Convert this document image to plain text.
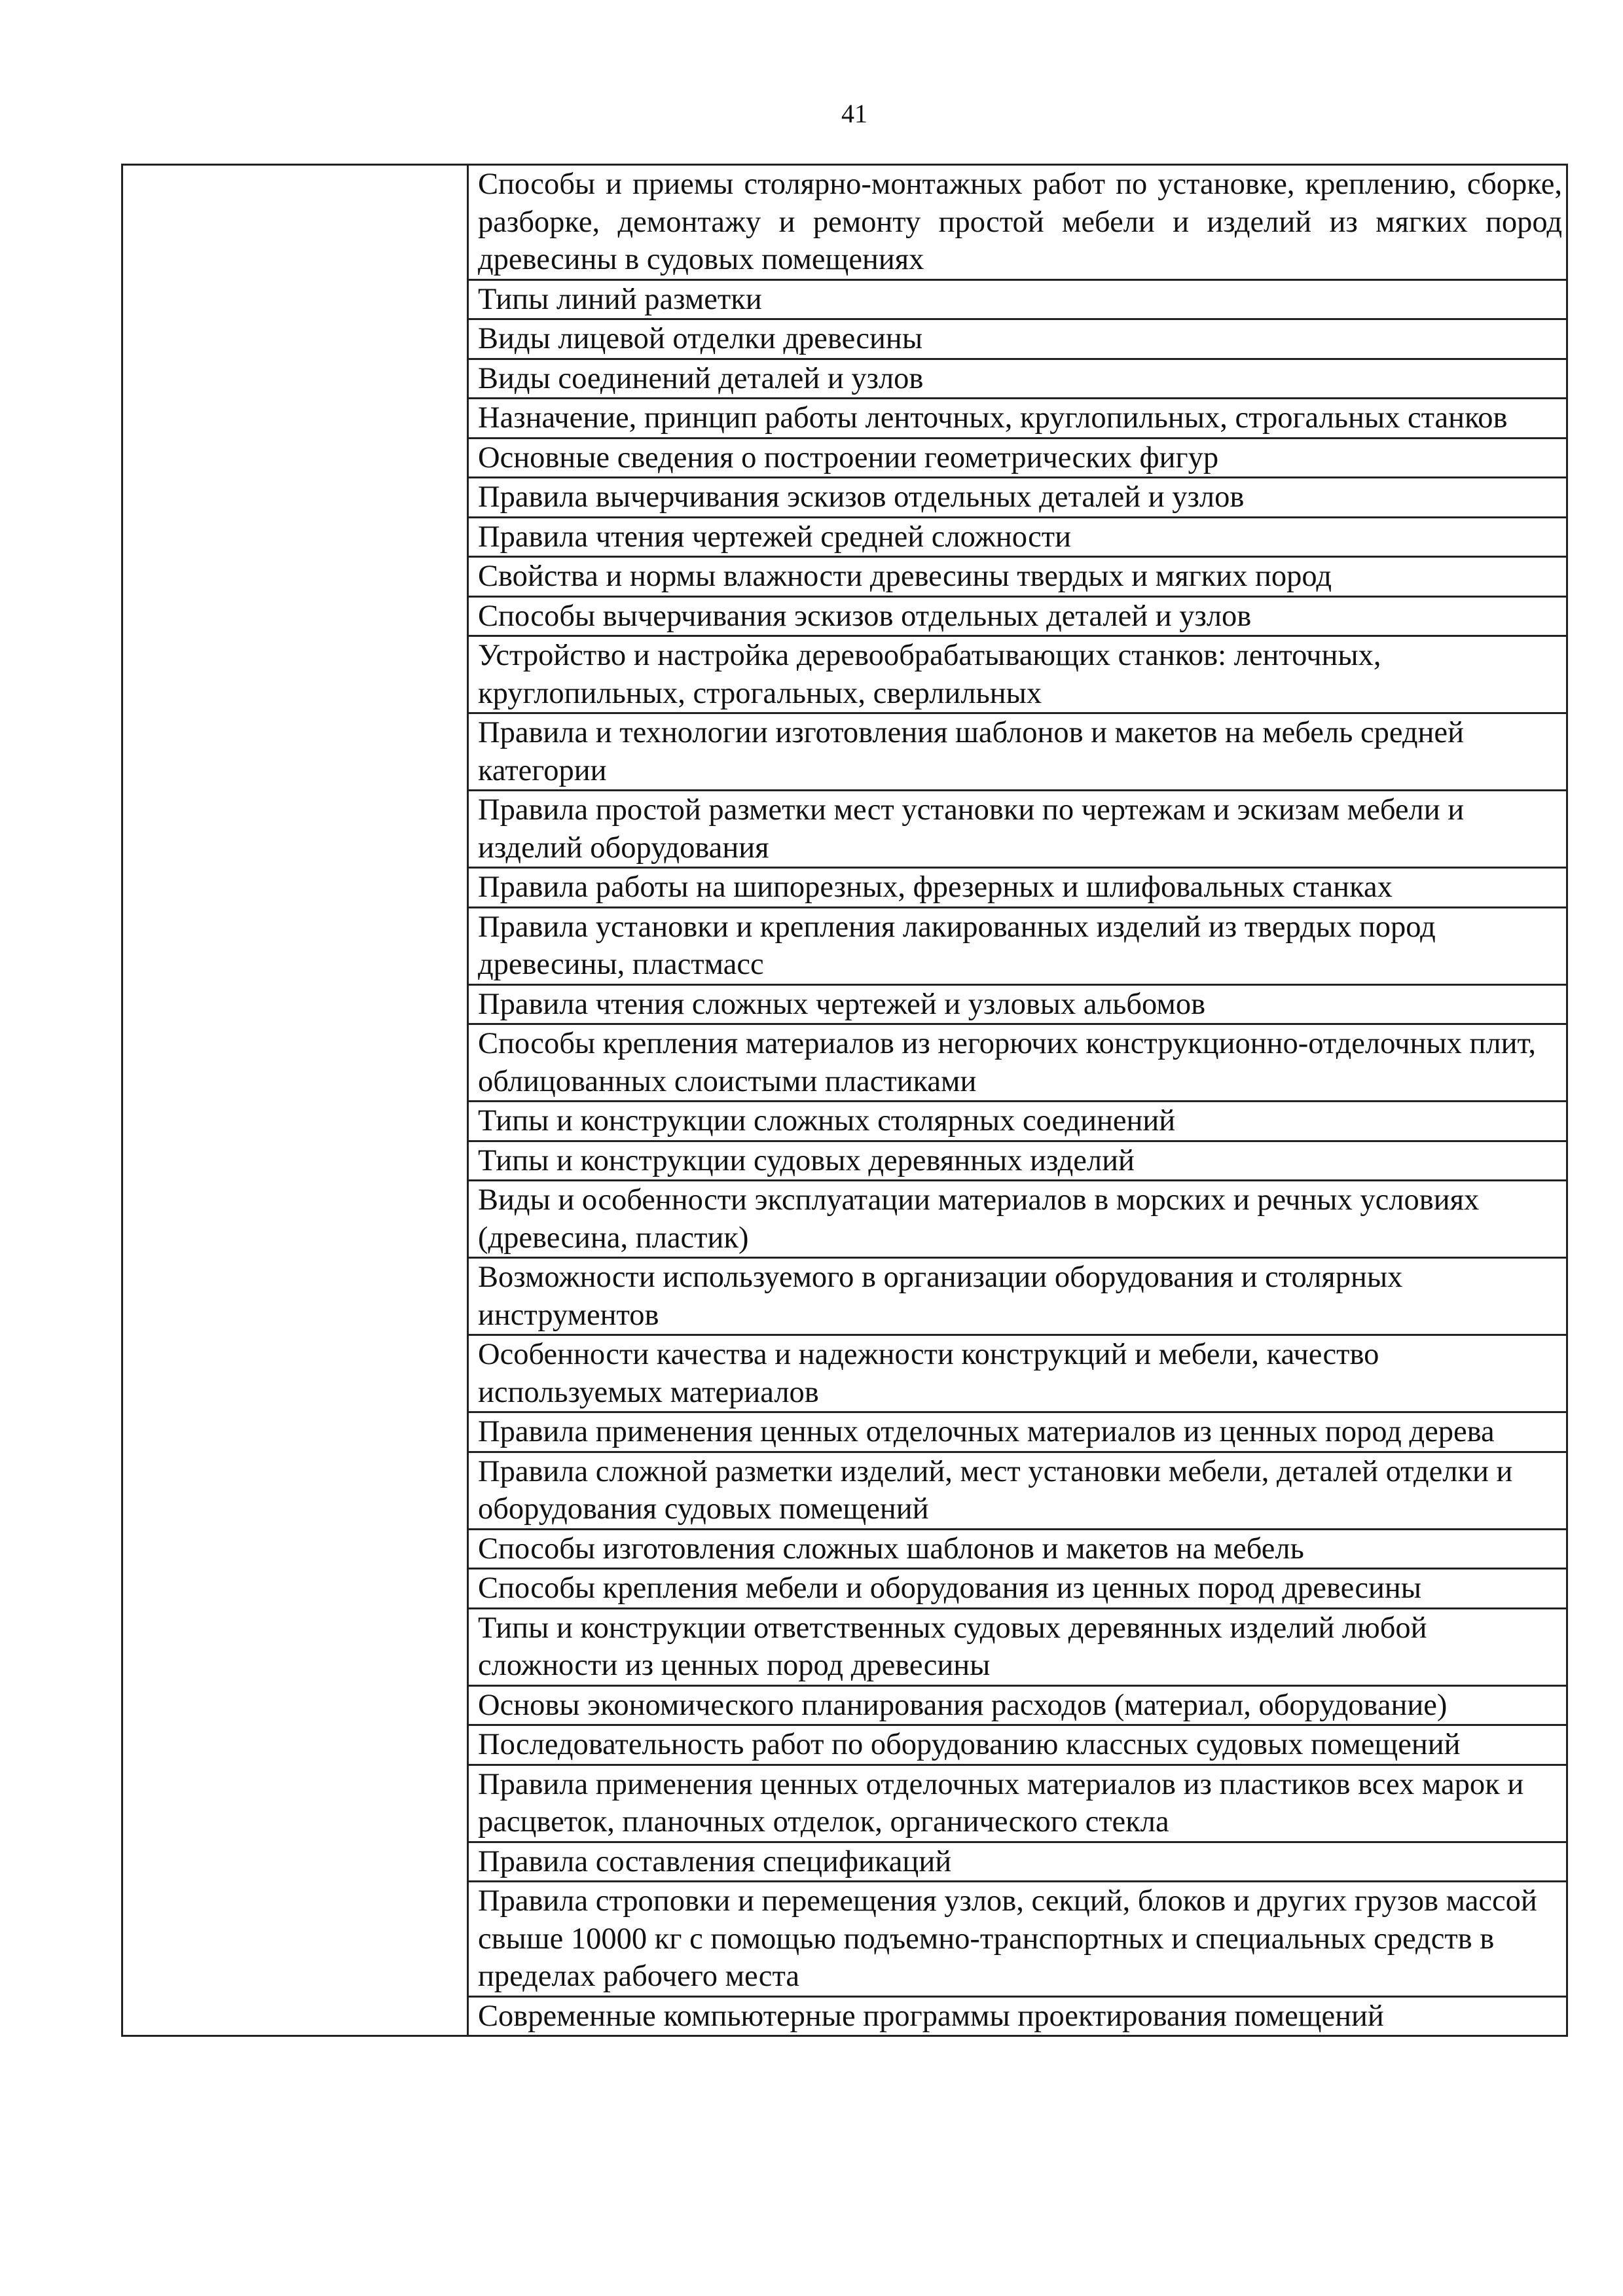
41
	Способы и приемы столярно-монтажных работ по установке, креплению, сборке, разборке, демонтажу и ремонту простой мебели и изделий из мягких пород древесины в судовых помещениях
Типы линий разметки
Виды лицевой отделки древесины
Виды соединений деталей и узлов
Назначение, принцип работы ленточных, круглопильных, строгальных станков
Основные сведения о построении геометрических фигур
Правила вычерчивания эскизов отдельных деталей и узлов
Правила чтения чертежей средней сложности
Свойства и нормы влажности древесины твердых и мягких пород
Способы вычерчивания эскизов отдельных деталей и узлов
Устройство и настройка деревообрабатывающих станков: ленточных, круглопильных, строгальных, сверлильных
Правила и технологии изготовления шаблонов и макетов на мебель средней категории
Правила простой разметки мест установки по чертежам и эскизам мебели и изделий оборудования
Правила работы на шипорезных, фрезерных и шлифовальных станках
Правила установки и крепления лакированных изделий из твердых пород древесины, пластмасс
Правила чтения сложных чертежей и узловых альбомов
Способы крепления материалов из негорючих конструкционно-отделочных плит, облицованных слоистыми пластиками
Типы и конструкции сложных столярных соединений
Типы и конструкции судовых деревянных изделий
Виды и особенности эксплуатации материалов в морских и речных условиях (древесина, пластик)
Возможности используемого в организации оборудования и столярных инструментов
Особенности качества и надежности конструкций и мебели, качество используемых материалов
Правила применения ценных отделочных материалов из ценных пород дерева
Правила сложной разметки изделий, мест установки мебели, деталей отделки и оборудования судовых помещений
Способы изготовления сложных шаблонов и макетов на мебель
Способы крепления мебели и оборудования из ценных пород древесины
Типы и конструкции ответственных судовых деревянных изделий любой сложности из ценных пород древесины
Основы экономического планирования расходов (материал, оборудование)
Последовательность работ по оборудованию классных судовых помещений
Правила применения ценных отделочных материалов из пластиков всех марок и расцветок, планочных отделок, органического стекла
Правила составления спецификаций
Правила строповки и перемещения узлов, секций, блоков и других грузов массой свыше 10000 кг с помощью подъемно-транспортных и специальных средств в пределах рабочего места
Современные компьютерные программы проектирования помещений
